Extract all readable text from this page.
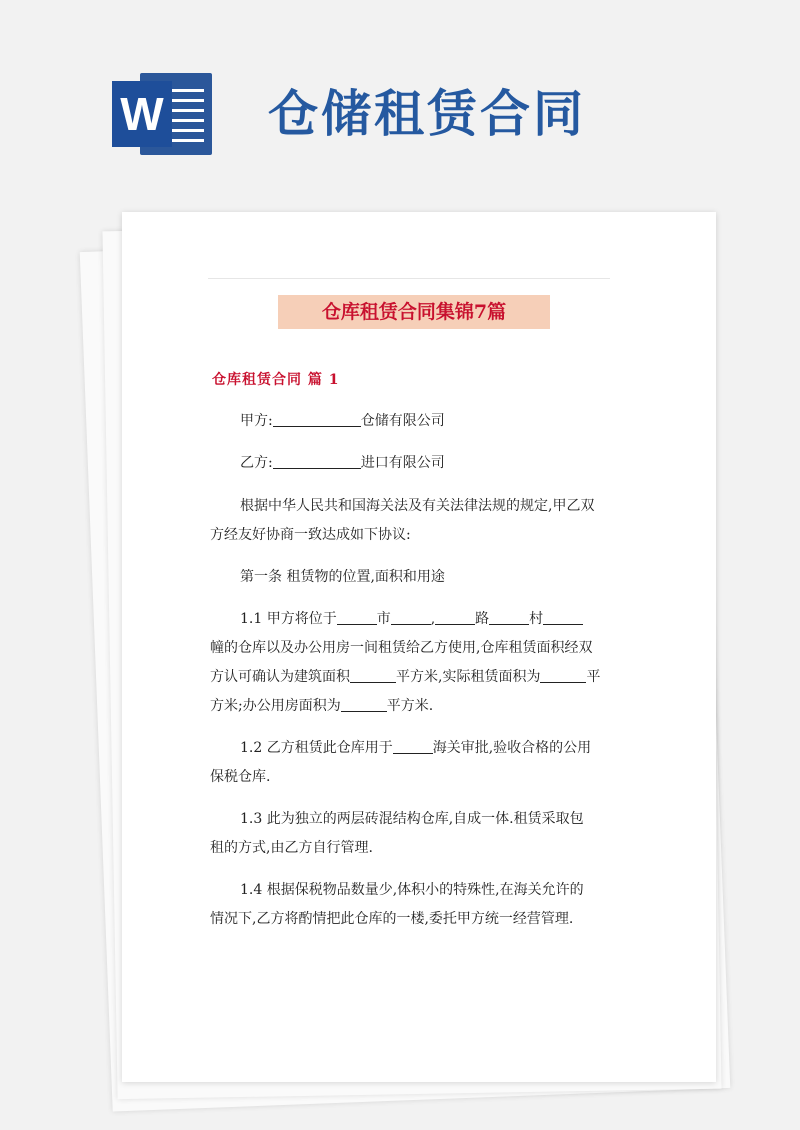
W 仓储租赁合同
仓库租赁合同集锦7篇
仓库租赁合同 篇 1
甲方:	仓储有限公司
乙方:	进口有限公司
根据中华人民共和国海关法及有关法律法规的规定,甲乙双
方经友好协商一致达成如下协议:
第一条 租赁物的位置,面积和用途
1.1 甲方将位于	市	,	路	村
幢的仓库以及办公用房一间租赁给乙方使用,仓库租赁面积经双
方认可确认为建筑面积	平方米,实际租赁面积为	平
方米;办公用房面积为	平方米.
1.2 乙方租赁此仓库用于	海关审批,验收合格的公用
保税仓库.
1.3 此为独立的两层砖混结构仓库,自成一体.租赁采取包
租的方式,由乙方自行管理.
1.4 根据保税物品数量少,体积小的特殊性,在海关允许的
情况下,乙方将酌情把此仓库的一楼,委托甲方统一经营管理.
